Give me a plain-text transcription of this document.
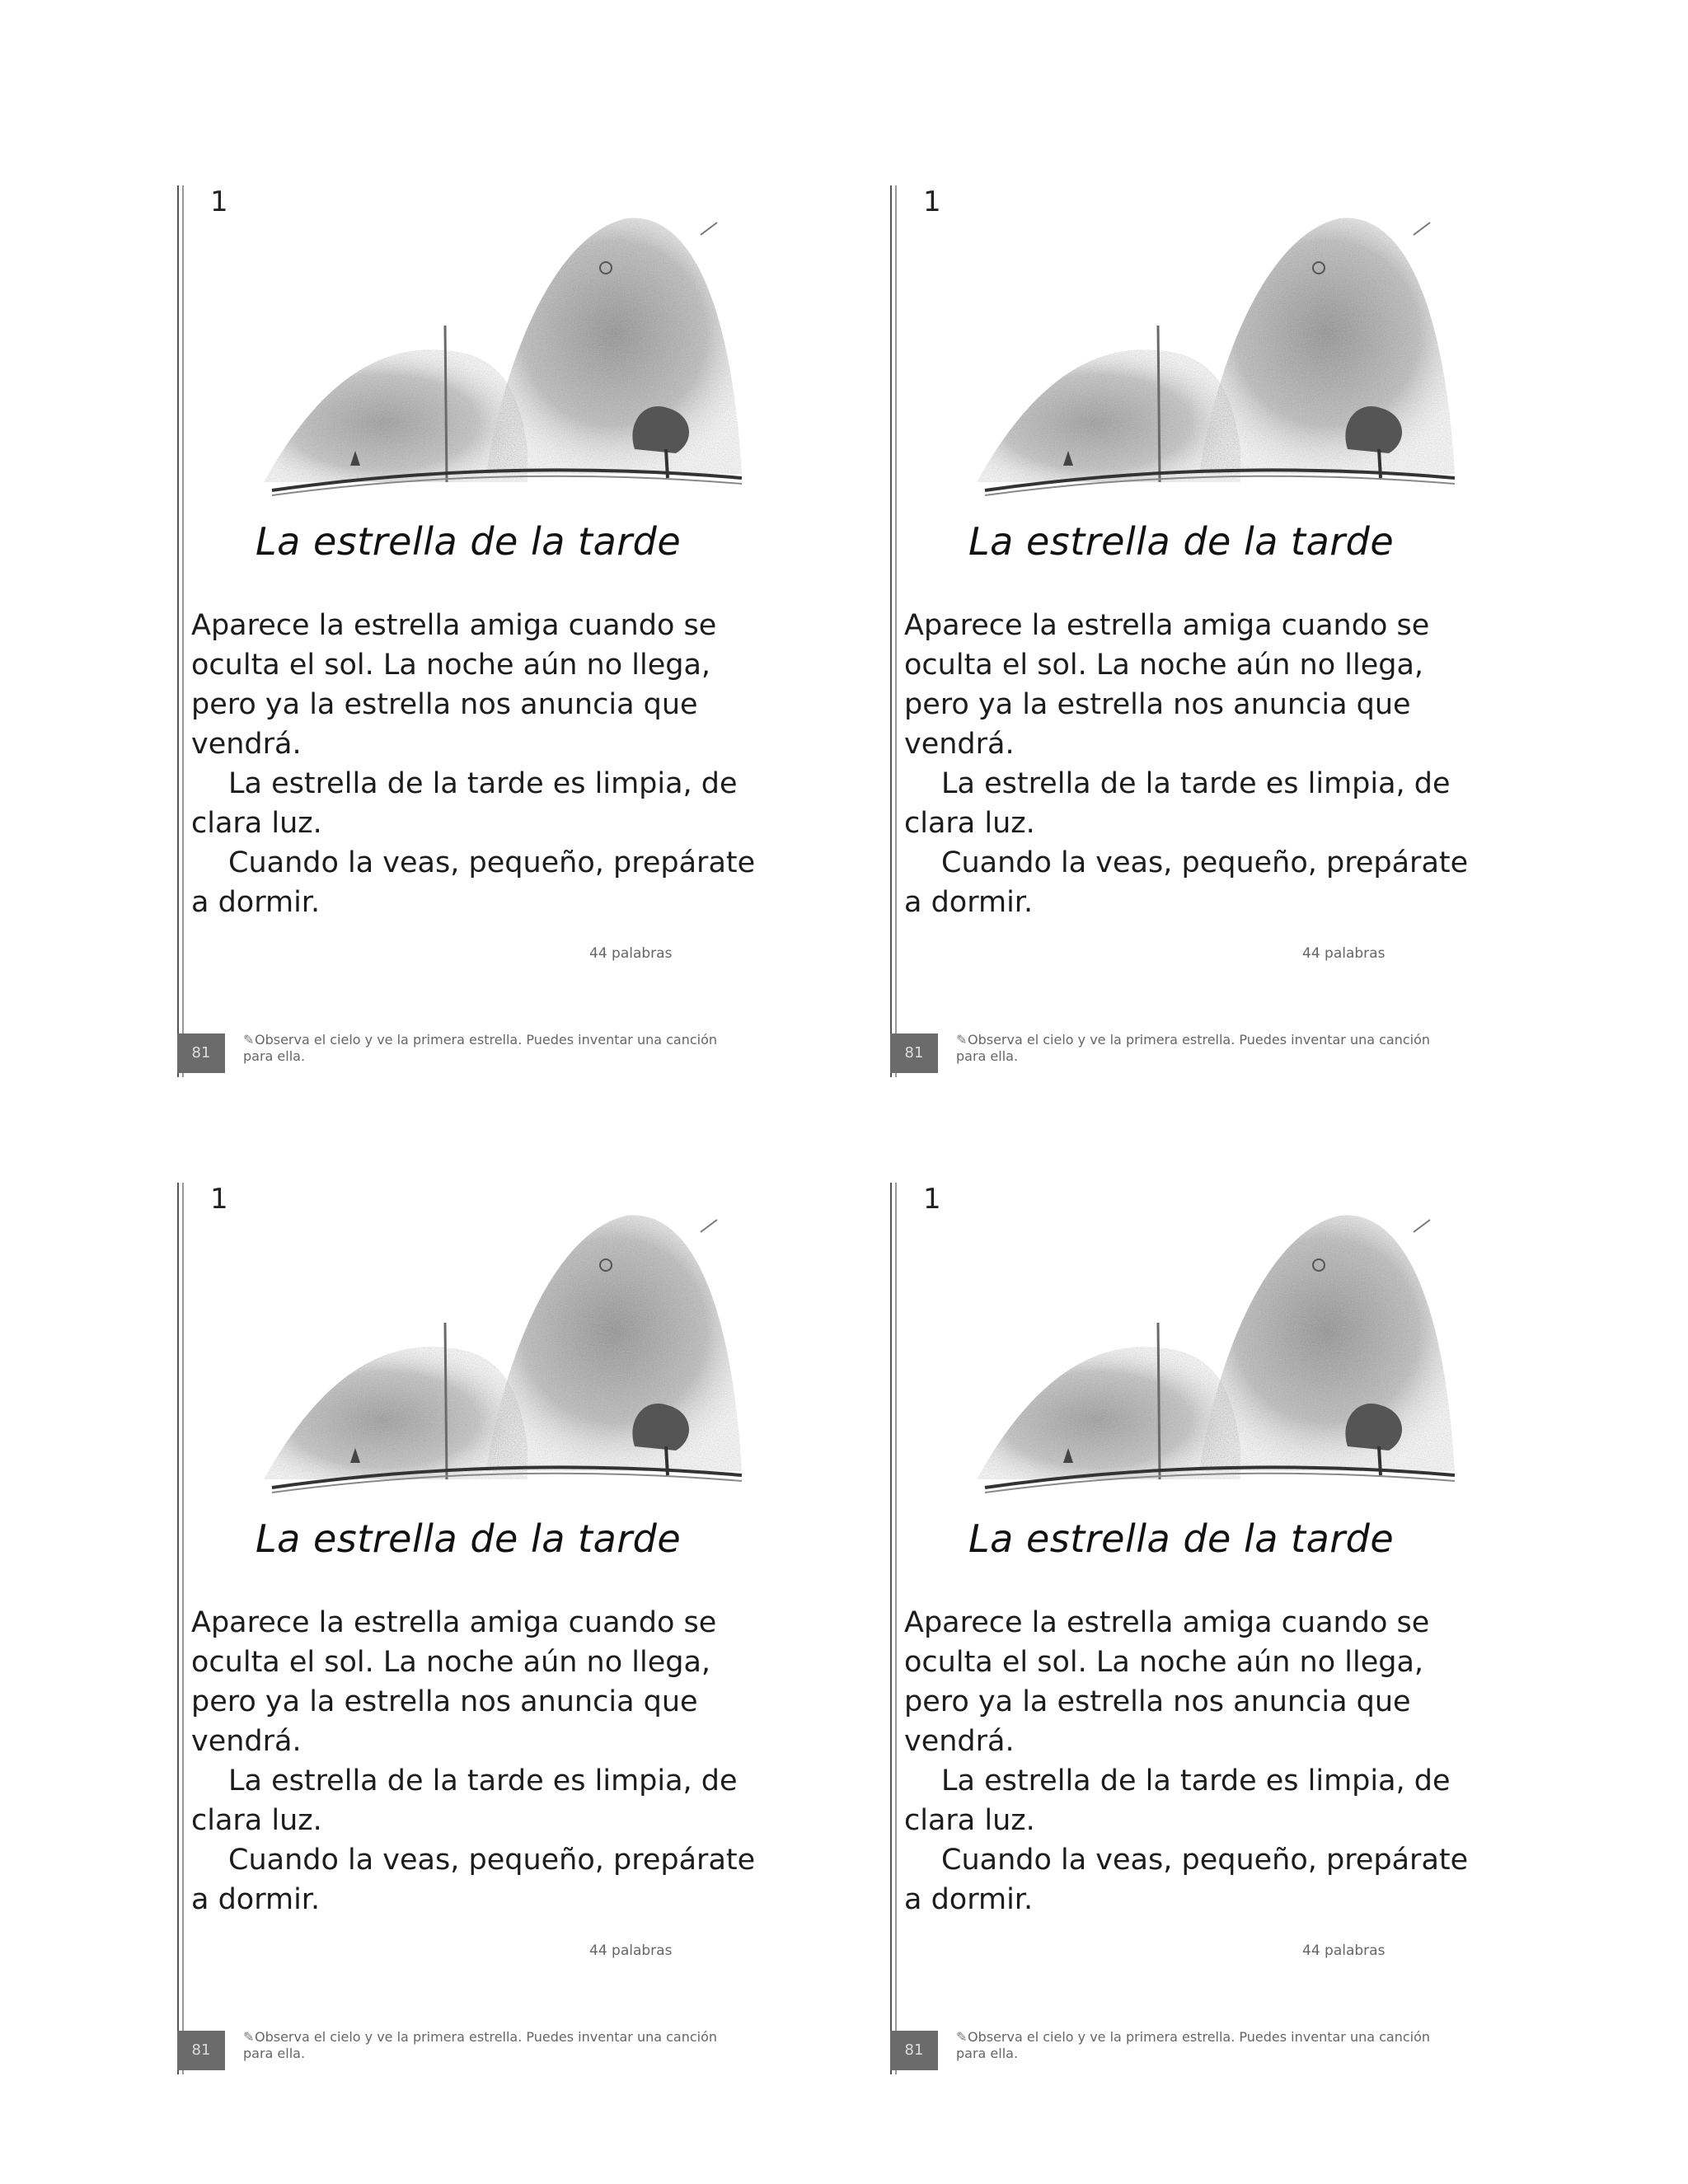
1
La estrella de la tarde

Aparece la estrella amiga cuando se oculta el sol. La noche aún no llega, pero ya la estrella nos anuncia que vendrá.

La estrella de la tarde es limpia, de clara luz.

Cuando la veas, pequeño, prepárate a dormir.

44 palabras
81
✎Observa el cielo y ve la primera estrella. Puedes inventar una canción para ella.
1
La estrella de la tarde

Aparece la estrella amiga cuando se oculta el sol. La noche aún no llega, pero ya la estrella nos anuncia que vendrá.

La estrella de la tarde es limpia, de clara luz.

Cuando la veas, pequeño, prepárate a dormir.

44 palabras
81
✎Observa el cielo y ve la primera estrella. Puedes inventar una canción para ella.
1
La estrella de la tarde

Aparece la estrella amiga cuando se oculta el sol. La noche aún no llega, pero ya la estrella nos anuncia que vendrá.

La estrella de la tarde es limpia, de clara luz.

Cuando la veas, pequeño, prepárate a dormir.

44 palabras
81
✎Observa el cielo y ve la primera estrella. Puedes inventar una canción para ella.
1
La estrella de la tarde

Aparece la estrella amiga cuando se oculta el sol. La noche aún no llega, pero ya la estrella nos anuncia que vendrá.

La estrella de la tarde es limpia, de clara luz.

Cuando la veas, pequeño, prepárate a dormir.

44 palabras
81
✎Observa el cielo y ve la primera estrella. Puedes inventar una canción para ella.
